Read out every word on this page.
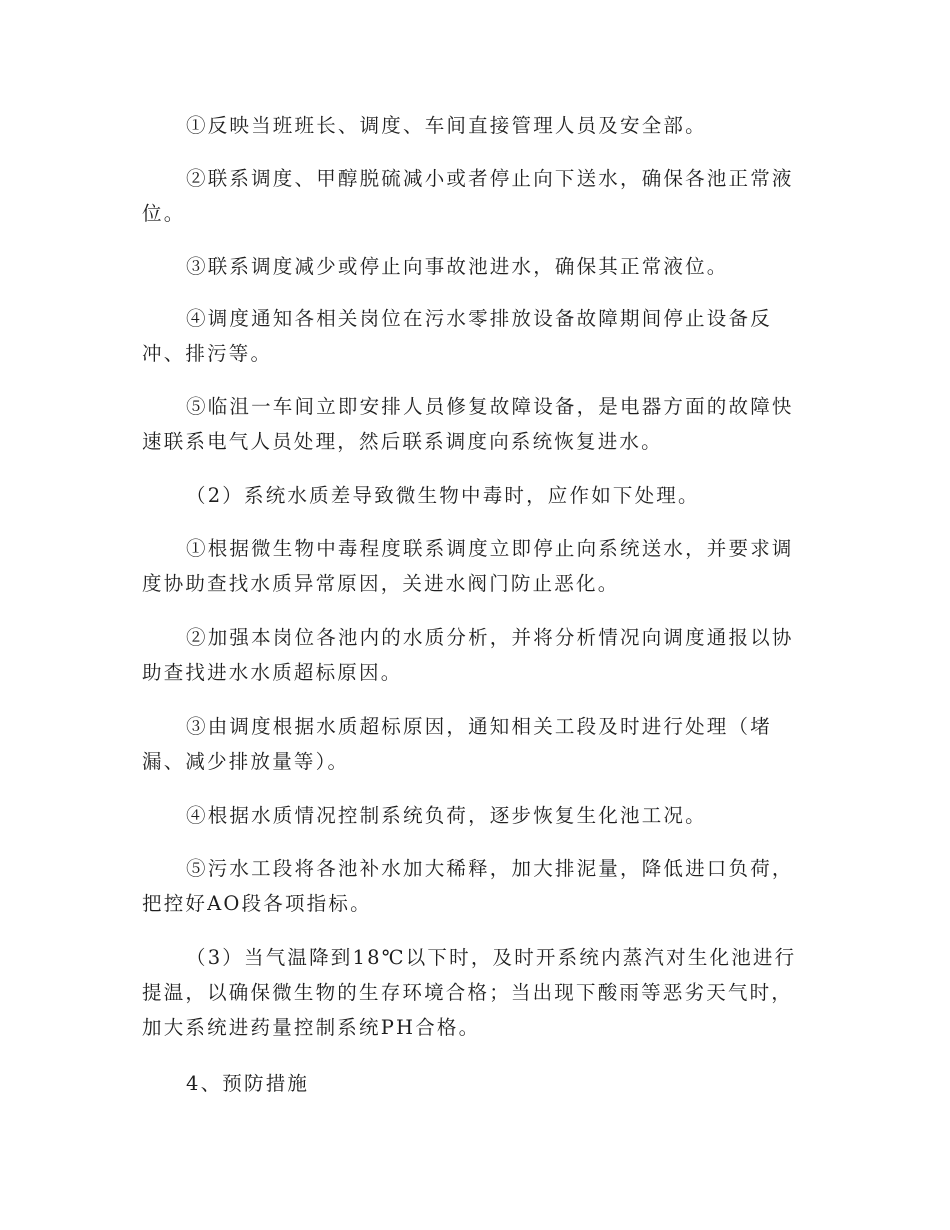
①反映当班班长、调度、车间直接管理人员及安全部。

②联系调度、甲醇脱硫减小或者停止向下送水，确保各池正常液位。

③联系调度减少或停止向事故池进水，确保其正常液位。

④调度通知各相关岗位在污水零排放设备故障期间停止设备反冲、排污等。

⑤临沮一车间立即安排人员修复故障设备，是电器方面的故障快速联系电气人员处理，然后联系调度向系统恢复进水。

（2）系统水质差导致微生物中毒时，应作如下处理。

①根据微生物中毒程度联系调度立即停止向系统送水，并要求调度协助查找水质异常原因，关进水阀门防止恶化。

②加强本岗位各池内的水质分析，并将分析情况向调度通报以协助查找进水水质超标原因。

③由调度根据水质超标原因，通知相关工段及时进行处理（堵漏、减少排放量等）。

④根据水质情况控制系统负荷，逐步恢复生化池工况。

⑤污水工段将各池补水加大稀释，加大排泥量，降低进口负荷，把控好AO段各项指标。

（3）当气温降到18℃以下时，及时开系统内蒸汽对生化池进行提温，以确保微生物的生存环境合格；当出现下酸雨等恶劣天气时，加大系统进药量控制系统PH合格。

4、预防措施
